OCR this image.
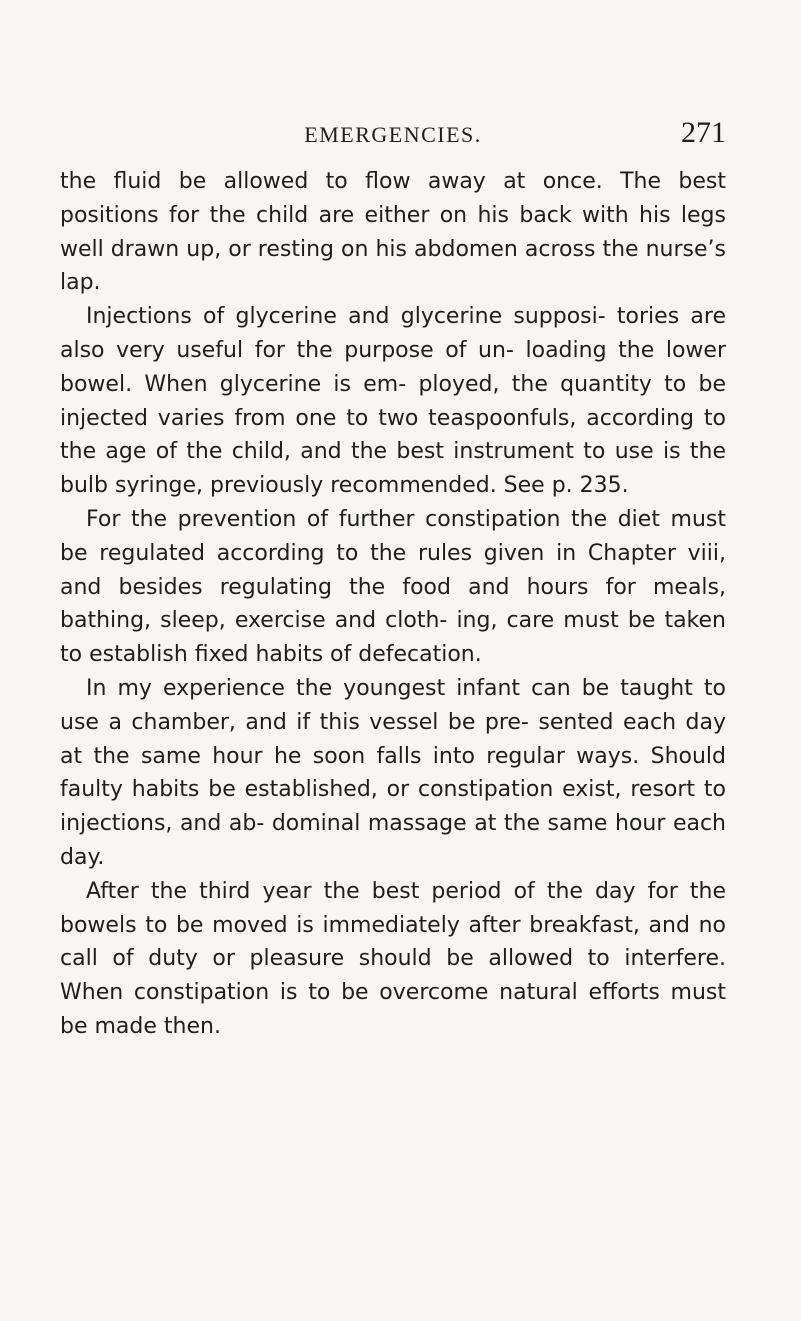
EMERGENCIES.	271

the fluid be allowed to flow away at once. The best positions for the child are either on his back with his legs well drawn up, or resting on his abdomen across the nurse’s lap.

Injections of glycerine and glycerine supposi- tories are also very useful for the purpose of un- loading the lower bowel. When glycerine is em- ployed, the quantity to be injected varies from one to two teaspoonfuls, according to the age of the child, and the best instrument to use is the bulb syringe, previously recommended. See p. 235.

For the prevention of further constipation the diet must be regulated according to the rules given in Chapter viii, and besides regulating the food and hours for meals, bathing, sleep, exercise and cloth- ing, care must be taken to establish fixed habits of defecation.

In my experience the youngest infant can be taught to use a chamber, and if this vessel be pre- sented each day at the same hour he soon falls into regular ways. Should faulty habits be established, or constipation exist, resort to injections, and ab- dominal massage at the same hour each day.

After the third year the best period of the day for the bowels to be moved is immediately after breakfast, and no call of duty or pleasure should be allowed to interfere. When constipation is to be overcome natural efforts must be made then.
